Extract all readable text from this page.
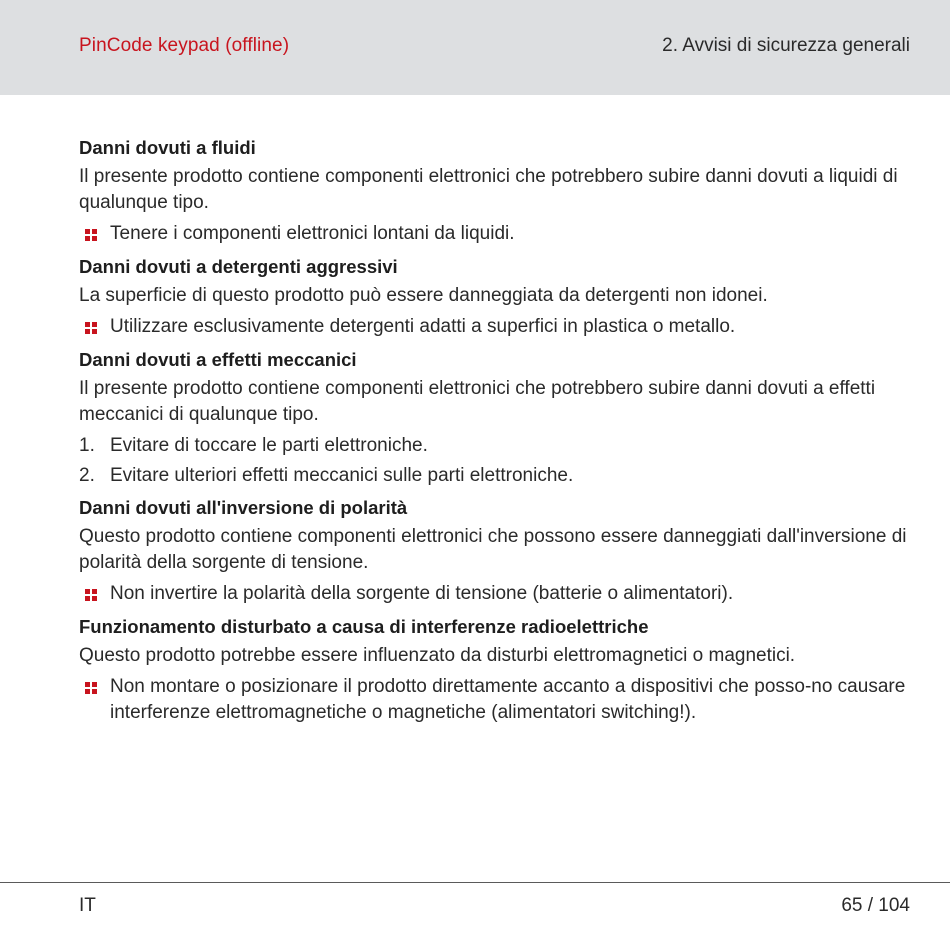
PinCode keypad (offline)	2. Avvisi di sicurezza generali
Danni dovuti a fluidi

Il presente prodotto contiene componenti elettronici che potrebbero subire danni dovuti a liquidi di qualunque tipo.

Tenere i componenti elettronici lontani da liquidi.
Danni dovuti a detergenti aggressivi

La superficie di questo prodotto può essere danneggiata da detergenti non idonei.

Utilizzare esclusivamente detergenti adatti a superfici in plastica o metallo.
Danni dovuti a effetti meccanici

Il presente prodotto contiene componenti elettronici che potrebbero subire danni dovuti a effetti meccanici di qualunque tipo.

1. Evitare di toccare le parti elettroniche.
2. Evitare ulteriori effetti meccanici sulle parti elettroniche.
Danni dovuti all'inversione di polarità

Questo prodotto contiene componenti elettronici che possono essere danneggiati dall'inversione di polarità della sorgente di tensione.

Non invertire la polarità della sorgente di tensione (batterie o alimentatori).
Funzionamento disturbato a causa di interferenze radioelettriche

Questo prodotto potrebbe essere influenzato da disturbi elettromagnetici o magnetici.

Non montare o posizionare il prodotto direttamente accanto a dispositivi che posso-no causare interferenze elettromagnetiche o magnetiche (alimentatori switching!).
IT	65 / 104
